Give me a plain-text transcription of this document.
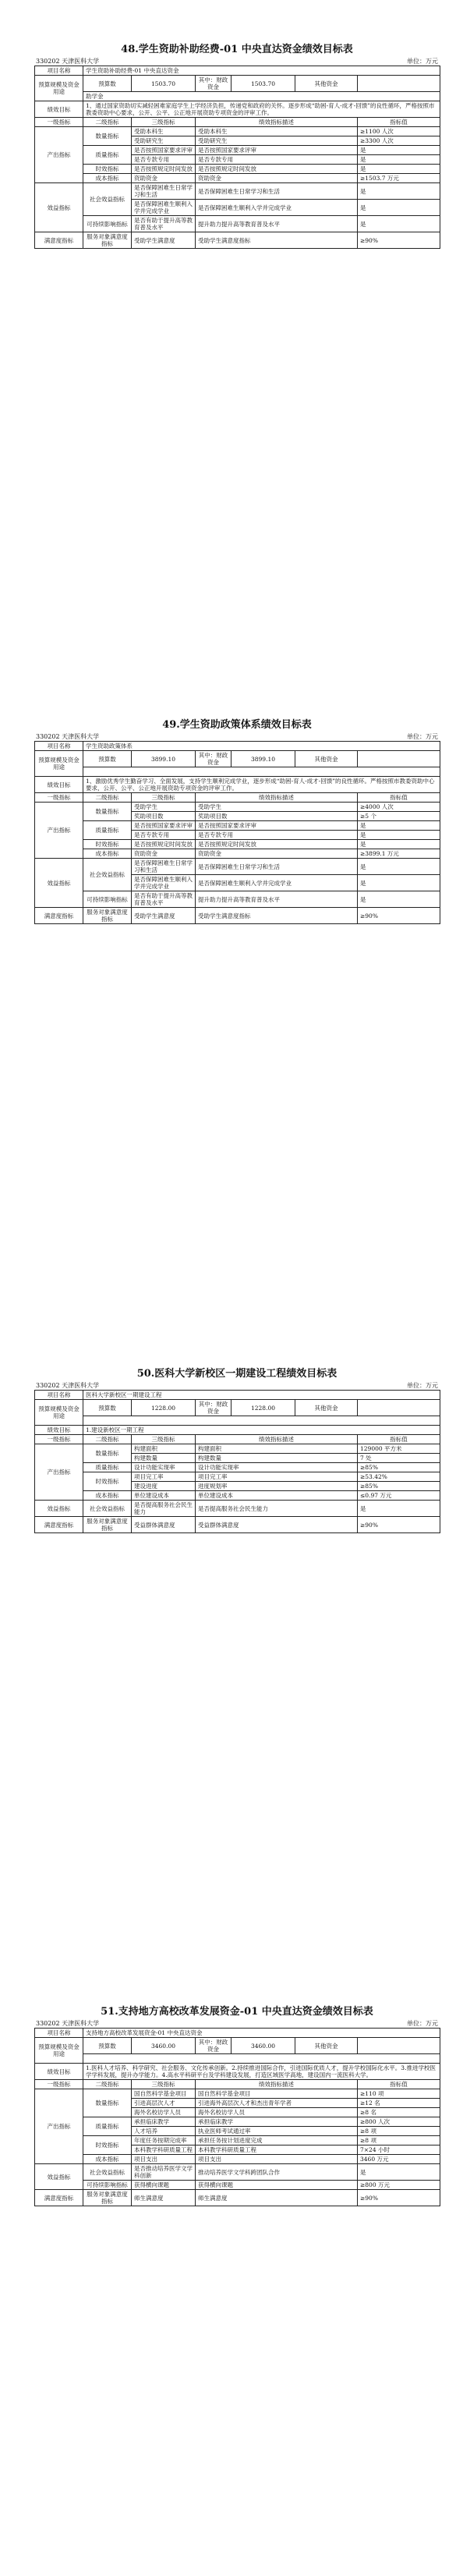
48.学生资助补助经费-01 中央直达资金绩效目标表
330202 天津医科大学	单位：万元
项目名称	学生资助补助经费-01 中央直达资金					
预算规模及资金用途	预算数	1503.70	其中：财政资金	1503.70	其他资金	
	助学金					
绩效目标	1、通过国家资助切实减轻困难家庭学生上学经济负担，传递党和政府的关怀。逐步形成“助困-育人-成才-回馈”的良性循环，严格按照市教委资助中心要求，公开、公平、公正地开展资助专项资金的评审工作。					
一级指标	二级指标	三级指标	绩效指标描述			指标值
产出指标	数量指标	受助本科生	受助本科生			≥1100 人次
		受助研究生	受助研究生			≥3300 人次
	质量指标	是否按照国家要求评审	是否按照国家要求评审			是
		是否专款专用	是否专款专用			是
	时效指标	是否按照规定时间发放	是否按照规定时间发放			是
	成本指标	资助资金	资助资金			≥1503.7 万元
效益指标	社会效益指标	是否保障困难生日常学习和生活	是否保障困难生日常学习和生活			是
		是否保障困难生顺利入学并完成学业	是否保障困难生顺利入学并完成学业			是
	可持续影响指标	是否有助于提升高等教育普及水平	提升助力提升高等教育普及水平			是
满意度指标	服务对象满意度指标	受助学生满意度	受助学生满意度指标			≥90%
49.学生资助政策体系绩效目标表
330202 天津医科大学	单位：万元
项目名称	学生资助政策体系					
预算规模及资金用途	预算数	3899.10	其中：财政资金	3899.10	其他资金	

绩效目标	1、激励优秀学生勤奋学习、全面发展，支持学生顺利完成学业，逐步形成“助困-育人-成才-回馈”的良性循环。严格按照市教委资助中心要求，公开、公平、公正地开展资助专项资金的评审工作。					
一级指标	二级指标	三级指标	绩效指标描述			指标值
产出指标	数量指标	受助学生	受助学生			≥4000 人次
		奖助项目数	奖助项目数			≥5 个
	质量指标	是否按照国家要求评审	是否按照国家要求评审			是
		是否专款专用	是否专款专用			是
	时效指标	是否按照规定时间发放	是否按照规定时间发放			是
	成本指标	资助资金	资助资金			≥3899.1 万元
效益指标	社会效益指标	是否保障困难生日常学习和生活	是否保障困难生日常学习和生活			是
		是否保障困难生顺利入学并完成学业	是否保障困难生顺利入学并完成学业			是
	可持续影响指标	是否有助于提升高等教育普及水平	提升助力提升高等教育普及水平			是
满意度指标	服务对象满意度指标	受助学生满意度	受助学生满意度指标			≥90%
50.医科大学新校区一期建设工程绩效目标表
330202 天津医科大学	单位：万元
项目名称	医科大学新校区一期建设工程					
预算规模及资金用途	预算数	1228.00	其中：财政资金	1228.00	其他资金	

绩效目标	1.建设新校区一期工程					
一级指标	二级指标	三级指标	绩效指标描述			指标值
产出指标	数量指标	构建面积	构建面积			129000 平方米
		构建数量	构建数量			7 处
	质量指标	设计功能实现率	设计功能实现率			≥85%
	时效指标	项目完工率	项目完工率			≥53.42%
		建设进度	进度规划率			≥85%
	成本指标	单位建设成本	单位建设成本			≤0.97 万元
效益指标	社会效益指标	是否提高服务社会民生能力	是否提高服务社会民生能力			是
满意度指标	服务对象满意度指标	受益群体满意度	受益群体满意度			≥90%
51.支持地方高校改革发展资金-01 中央直达资金绩效目标表
330202 天津医科大学	单位：万元
项目名称	支持地方高校改革发展资金-01 中央直达资金					
预算规模及资金用途	预算数	3460.00	其中：财政资金	3460.00	其他资金	

绩效目标	1.医科人才培养、科学研究、社会服务、文化传承创新。2.持续推进国际合作，引进国际优质人才，提升学校国际化水平。3.推进学校医学学科发展，提升办学能力。4.高水平科研平台及学科建设发展，打造区域医学高地，建设国内一流医科大学。					
一级指标	二级指标	三级指标	绩效指标描述			指标值
产出指标	数量指标	国自然科学基金项目	国自然科学基金项目			≥110 项
		引进高层次人才	引进海外高层次人才和杰出青年学者			≥12 名
		海外名校访学人员	海外名校访学人员			≥8 名
	质量指标	承担临床教学	承担临床教学			≥800 人次
		人才培养	执业医师考试通过率			≥8 项
	时效指标	年度任务按期完成率	承担任务按计划进度完成			≥8 项
		本科教学科研质量工程	本科教学科研质量工程			7×24 小时
	成本指标	项目支出	项目支出			3460 万元
效益指标	社会效益指标	是否推动培养医学文学科创新	推动培养医学文学科跨团队合作			是
	可持续影响指标	获得横向课题	获得横向课题			≥800 万元
满意度指标	服务对象满意度指标	师生满意度	师生满意度			≥90%
